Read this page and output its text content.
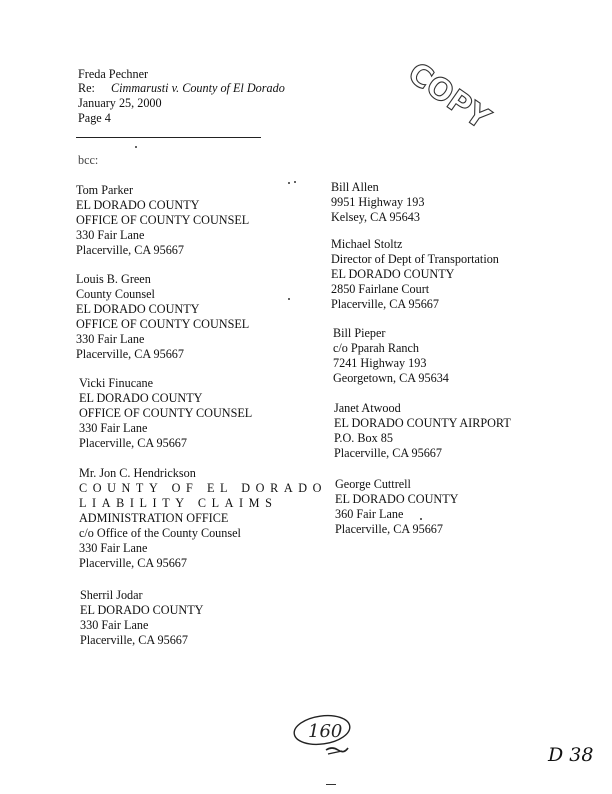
Freda Pechner
Re: Cimmarusti v. County of El Dorado
January 25, 2000
Page 4
bcc:
COPY
Tom Parker
EL DORADO COUNTY
OFFICE OF COUNTY COUNSEL
330 Fair Lane
Placerville, CA 95667
Louis B. Green
County Counsel
EL DORADO COUNTY
OFFICE OF COUNTY COUNSEL
330 Fair Lane
Placerville, CA 95667
Vicki Finucane
EL DORADO COUNTY
OFFICE OF COUNTY COUNSEL
330 Fair Lane
Placerville, CA 95667
Mr. Jon C. Hendrickson
COUNTY OF EL DORADO
LIABILITY CLAIMS
ADMINISTRATION OFFICE
c/o Office of the County Counsel
330 Fair Lane
Placerville, CA 95667
Sherril Jodar
EL DORADO COUNTY
330 Fair Lane
Placerville, CA 95667
Bill Allen
9951 Highway 193
Kelsey, CA 95643
Michael Stoltz
Director of Dept of Transportation
EL DORADO COUNTY
2850 Fairlane Court
Placerville, CA 95667
Bill Pieper
c/o Pparah Ranch
7241 Highway 193
Georgetown, CA 95634
Janet Atwood
EL DORADO COUNTY AIRPORT
P.O. Box 85
Placerville, CA 95667
George Cuttrell
EL DORADO COUNTY
360 Fair Lane
Placerville, CA 95667
160
D 38
